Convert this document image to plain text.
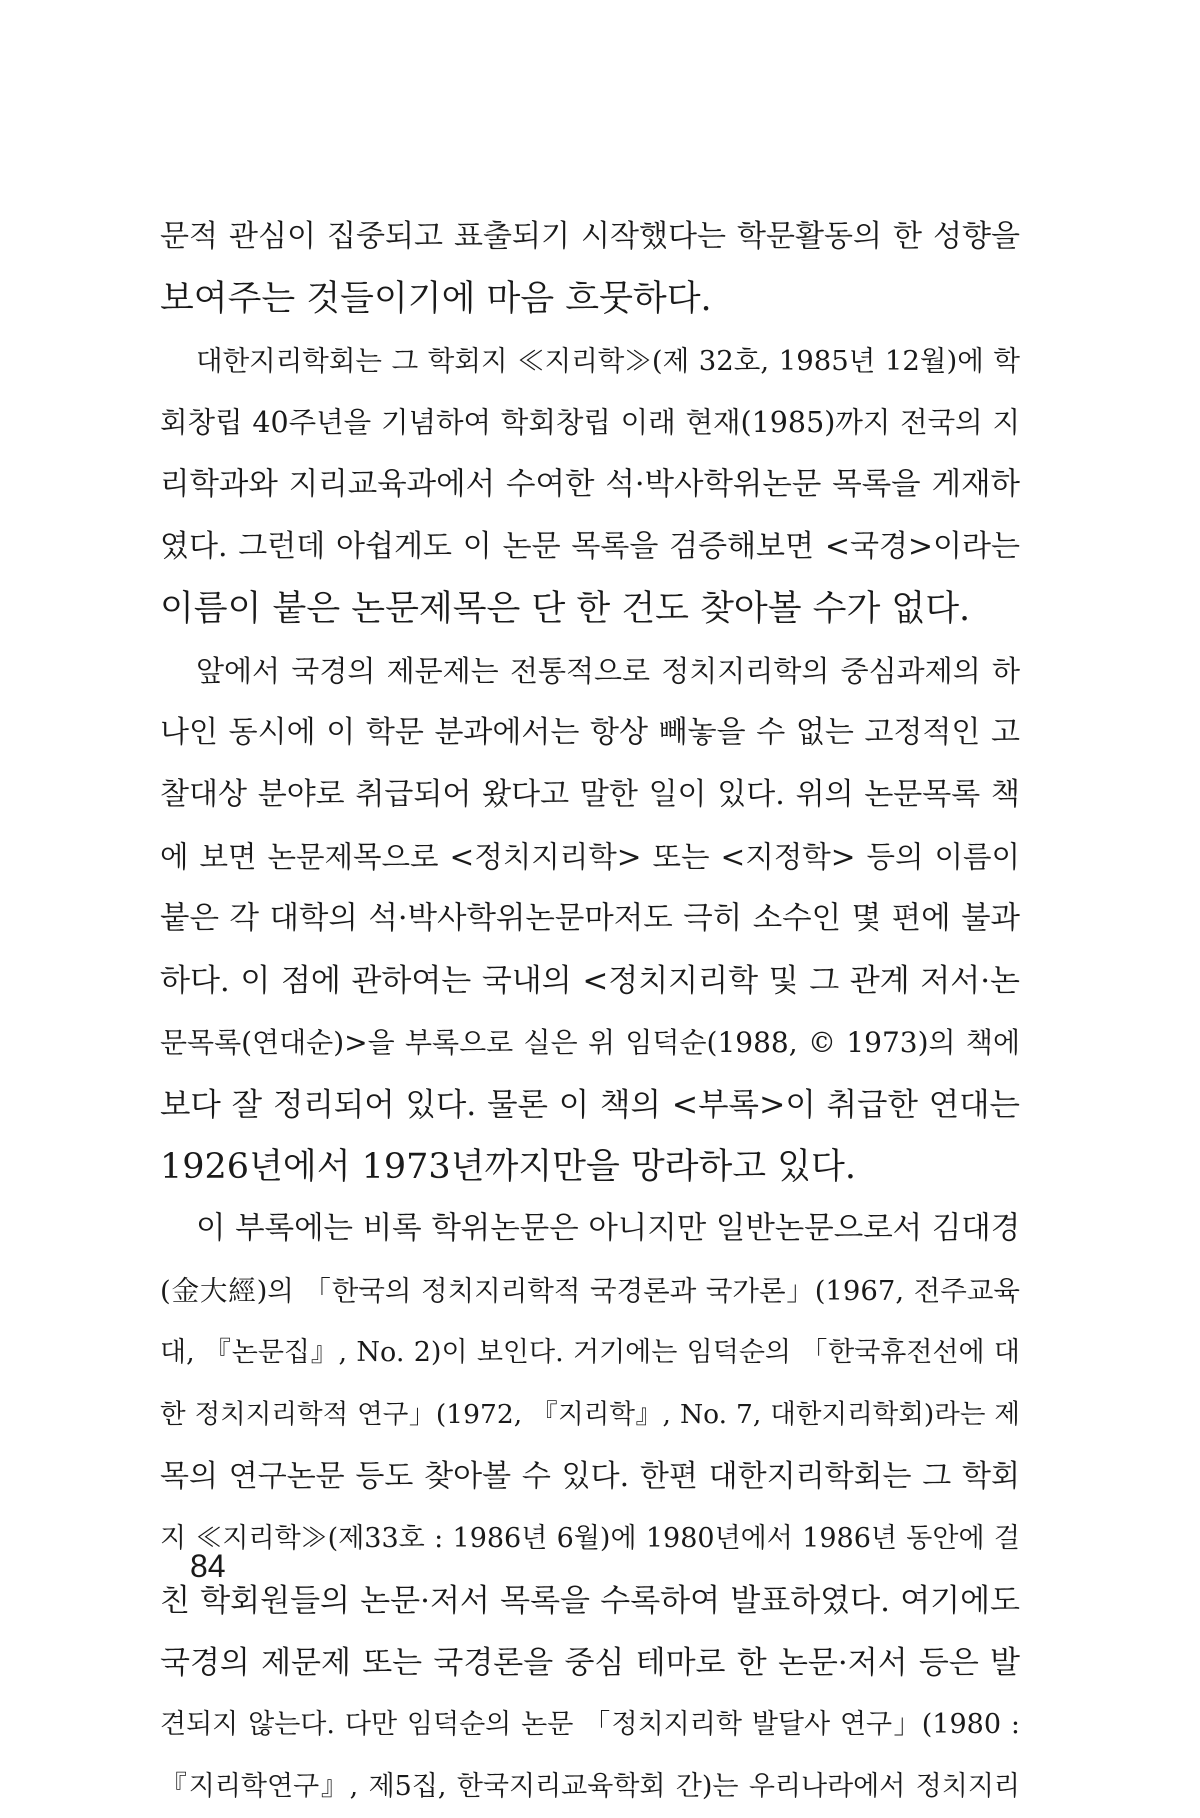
문적 관심이 집중되고 표출되기 시작했다는 학문활동의 한 성향을
보여주는 것들이기에 마음 흐뭇하다.
대한지리학회는 그 학회지 ≪지리학≫(제 32호, 1985년 12월)에 학
회창립 40주년을 기념하여 학회창립 이래 현재(1985)까지 전국의 지
리학과와 지리교육과에서 수여한 석·박사학위논문 목록을 게재하
였다. 그런데 아쉽게도 이 논문 목록을 검증해보면 <국경>이라는
이름이 붙은 논문제목은 단 한 건도 찾아볼 수가 없다.
앞에서 국경의 제문제는 전통적으로 정치지리학의 중심과제의 하
나인 동시에 이 학문 분과에서는 항상 빼놓을 수 없는 고정적인 고
찰대상 분야로 취급되어 왔다고 말한 일이 있다. 위의 논문목록 책
에 보면 논문제목으로 <정치지리학> 또는 <지정학> 등의 이름이
붙은 각 대학의 석·박사학위논문마저도 극히 소수인 몇 편에 불과
하다. 이 점에 관하여는 국내의 <정치지리학 및 그 관계 저서·논
문목록(연대순)>을 부록으로 실은 위 임덕순(1988, © 1973)의 책에
보다 잘 정리되어 있다. 물론 이 책의 <부록>이 취급한 연대는
1926년에서 1973년까지만을 망라하고 있다.
이 부록에는 비록 학위논문은 아니지만 일반논문으로서 김대경
(金大經)의 「한국의 정치지리학적 국경론과 국가론」(1967, 전주교육
대, 『논문집』, No. 2)이 보인다. 거기에는 임덕순의 「한국휴전선에 대
한 정치지리학적 연구」(1972, 『지리학』, No. 7, 대한지리학회)라는 제
목의 연구논문 등도 찾아볼 수 있다. 한편 대한지리학회는 그 학회
지 ≪지리학≫(제33호 : 1986년 6월)에 1980년에서 1986년 동안에 걸
친 학회원들의 논문·저서 목록을 수록하여 발표하였다. 여기에도
국경의 제문제 또는 국경론을 중심 테마로 한 논문·저서 등은 발
견되지 않는다. 다만 임덕순의 논문 「정치지리학 발달사 연구」(1980 :
『지리학연구』, 제5집, 한국지리교육학회 간)는 우리나라에서 정치지리
84
